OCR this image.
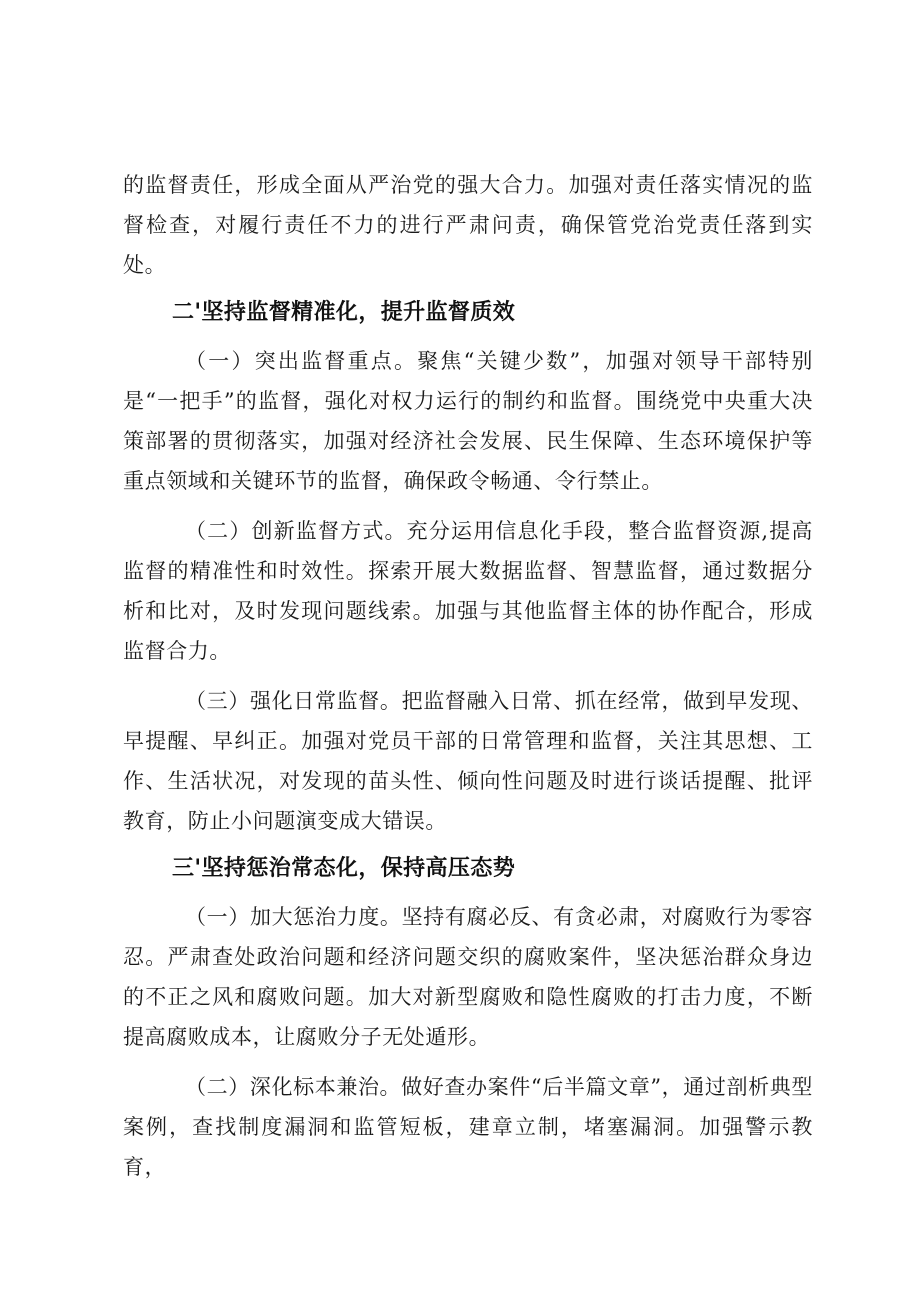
的监督责任，形成全面从严治党的强大合力。加强对责任落实情况的监督检查，对履行责任不力的进行严肃问责，确保管党治党责任落到实处。

二'坚持监督精准化，提升监督质效

（一）突出监督重点。聚焦“关键少数”，加强对领导干部特别是“一把手”的监督，强化对权力运行的制约和监督。围绕党中央重大决策部署的贯彻落实，加强对经济社会发展、民生保障、生态环境保护等重点领域和关键环节的监督，确保政令畅通、令行禁止。

（二）创新监督方式。充分运用信息化手段，整合监督资源,提高监督的精准性和时效性。探索开展大数据监督、智慧监督，通过数据分析和比对，及时发现问题线索。加强与其他监督主体的协作配合，形成监督合力。

（三）强化日常监督。把监督融入日常、抓在经常，做到早发现、早提醒、早纠正。加强对党员干部的日常管理和监督，关注其思想、工作、生活状况，对发现的苗头性、倾向性问题及时进行谈话提醒、批评教育，防止小问题演变成大错误。

三'坚持惩治常态化，保持高压态势

（一）加大惩治力度。坚持有腐必反、有贪必肃，对腐败行为零容忍。严肃查处政治问题和经济问题交织的腐败案件，坚决惩治群众身边的不正之风和腐败问题。加大对新型腐败和隐性腐败的打击力度，不断提高腐败成本，让腐败分子无处遁形。

（二）深化标本兼治。做好查办案件“后半篇文章”，通过剖析典型案例，查找制度漏洞和监管短板，建章立制，堵塞漏洞。加强警示教育，
